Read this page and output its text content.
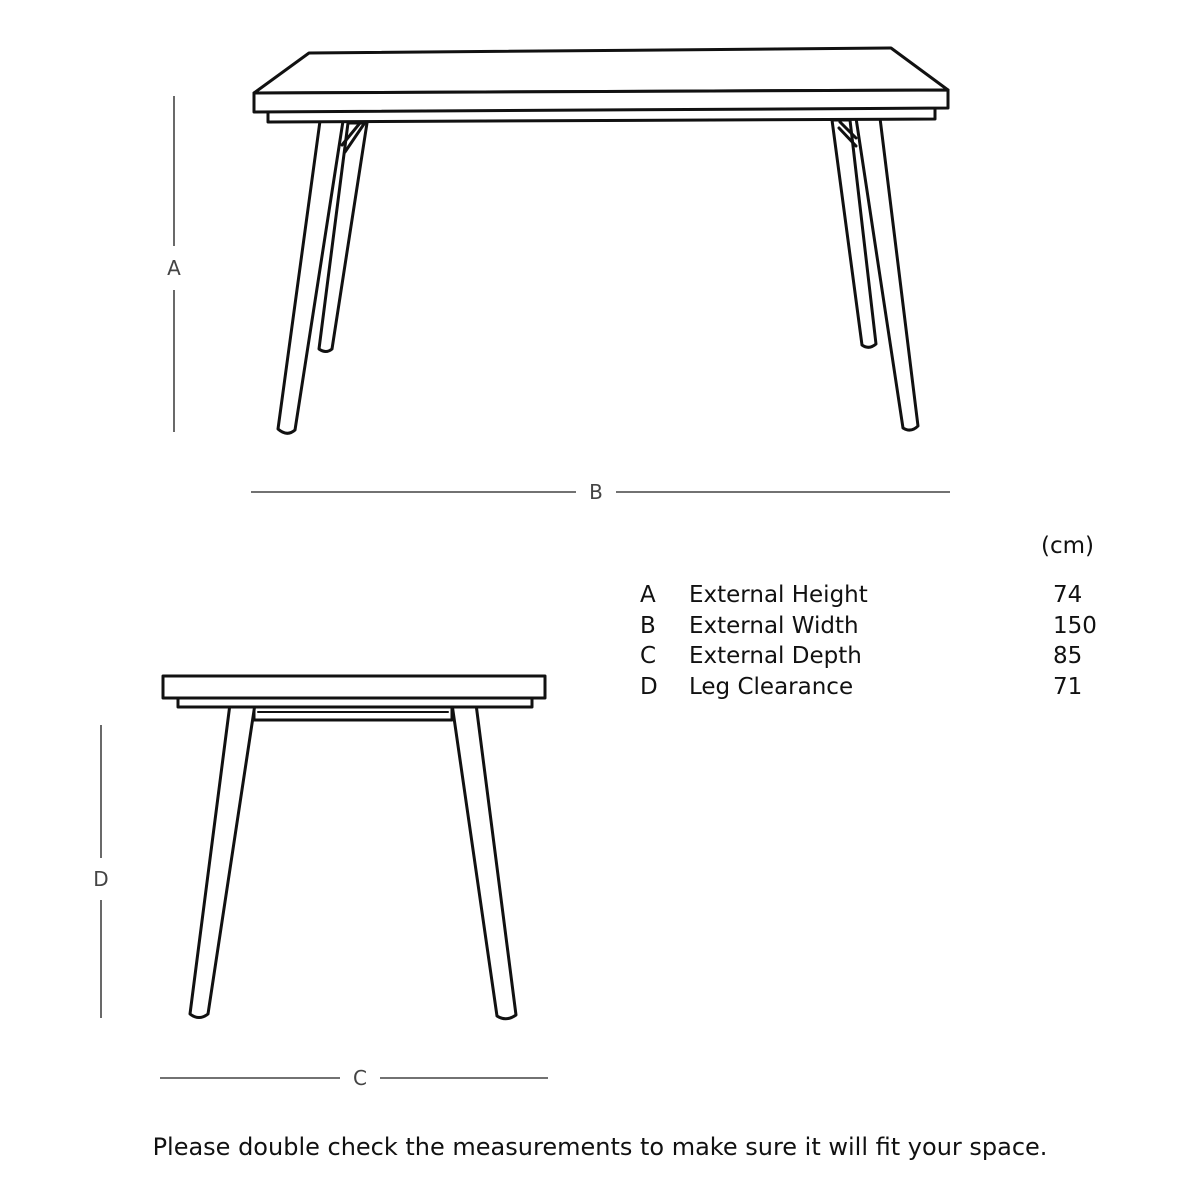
A
B
D
C
(cm)
A	External Height	74
B	External Width	150
C	External Depth	85
D	Leg Clearance	71
Please double check the measurements to make sure it will fit your space.
